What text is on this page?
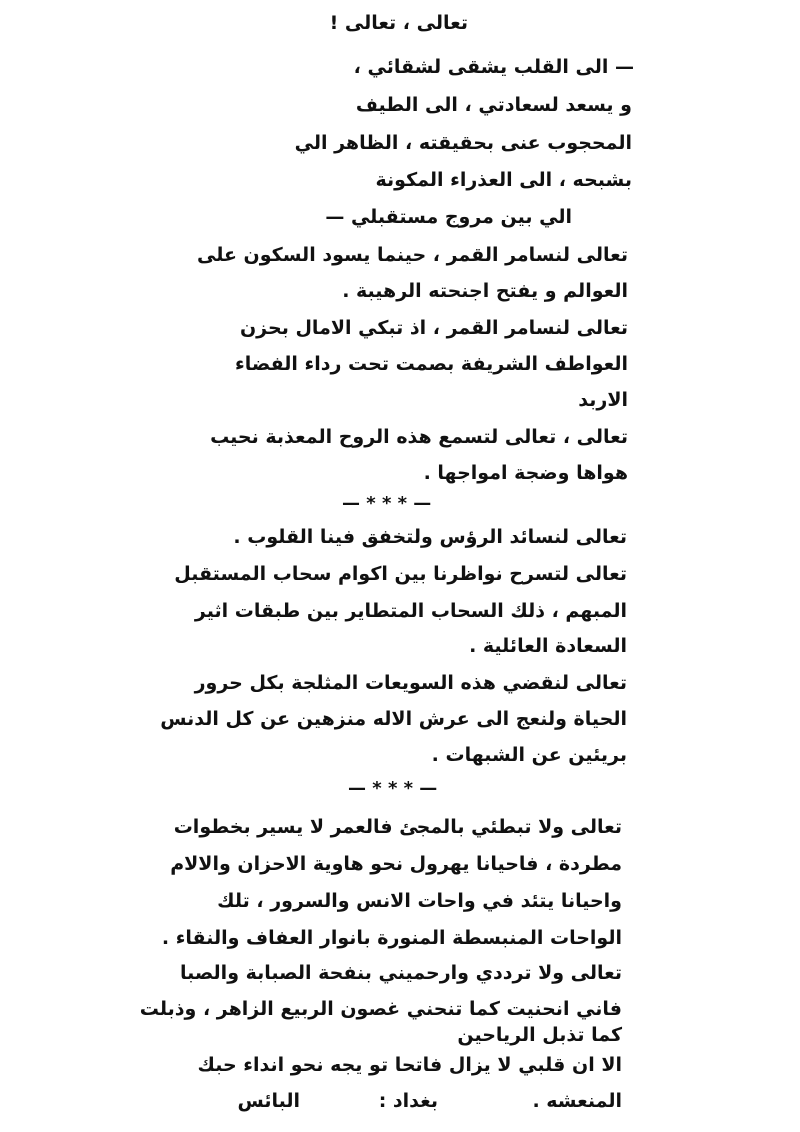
تعالى ، تعالى !
— الى القلب يشقى لشقائي ،
و يسعد لسعادتي ، الى الطيف
المحجوب عنى بحقيقته ، الظاهر الي
بشبحه ، الى العذراء المكونة
الي بين مروج مستقبلي —
تعالى لنسامر القمر ، حينما يسود السكون على
العوالم و يفتح اجنحته الرهيبة .
تعالى لنسامر القمر ، اذ تبكي الامال بحزن
العواطف الشريفة بصمت تحت رداء الفضاء
الاربد
تعالى ، تعالى لتسمع هذه الروح المعذبة نحيب
هواها وضجة امواجها .
— * * * —
تعالى لنسائد الرؤس ولتخفق فينا القلوب .
تعالى لتسرح نواظرنا بين اكوام سحاب المستقبل
المبهم ، ذلك السحاب المتطاير بين طبقات اثير
السعادة العائلية .
تعالى لنقضي هذه السويعات المثلجة بكل حرور
الحياة ولنعج الى عرش الاله منزهين عن كل الدنس
بريئين عن الشبهات .
— * * * —
تعالى ولا تبطئي بالمجئ فالعمر لا يسير بخطوات
مطردة ، فاحيانا يهرول نحو هاوية الاحزان والالام
واحيانا يتئد في واحات الانس والسرور ، تلك
الواحات المنبسطة المنورة بانوار العفاف والنقاء .
تعالى ولا ترددي وارحميني بنفحة الصبابة والصبا
فاني انحنيت كما تنحني غصون الربيع الزاهر ، وذبلت
كما تذبل الرياحين
الا ان قلبي لا يزال فاتحا تو يجه نحو انداء حبك
المنعشه .
بغداد :
البائس
